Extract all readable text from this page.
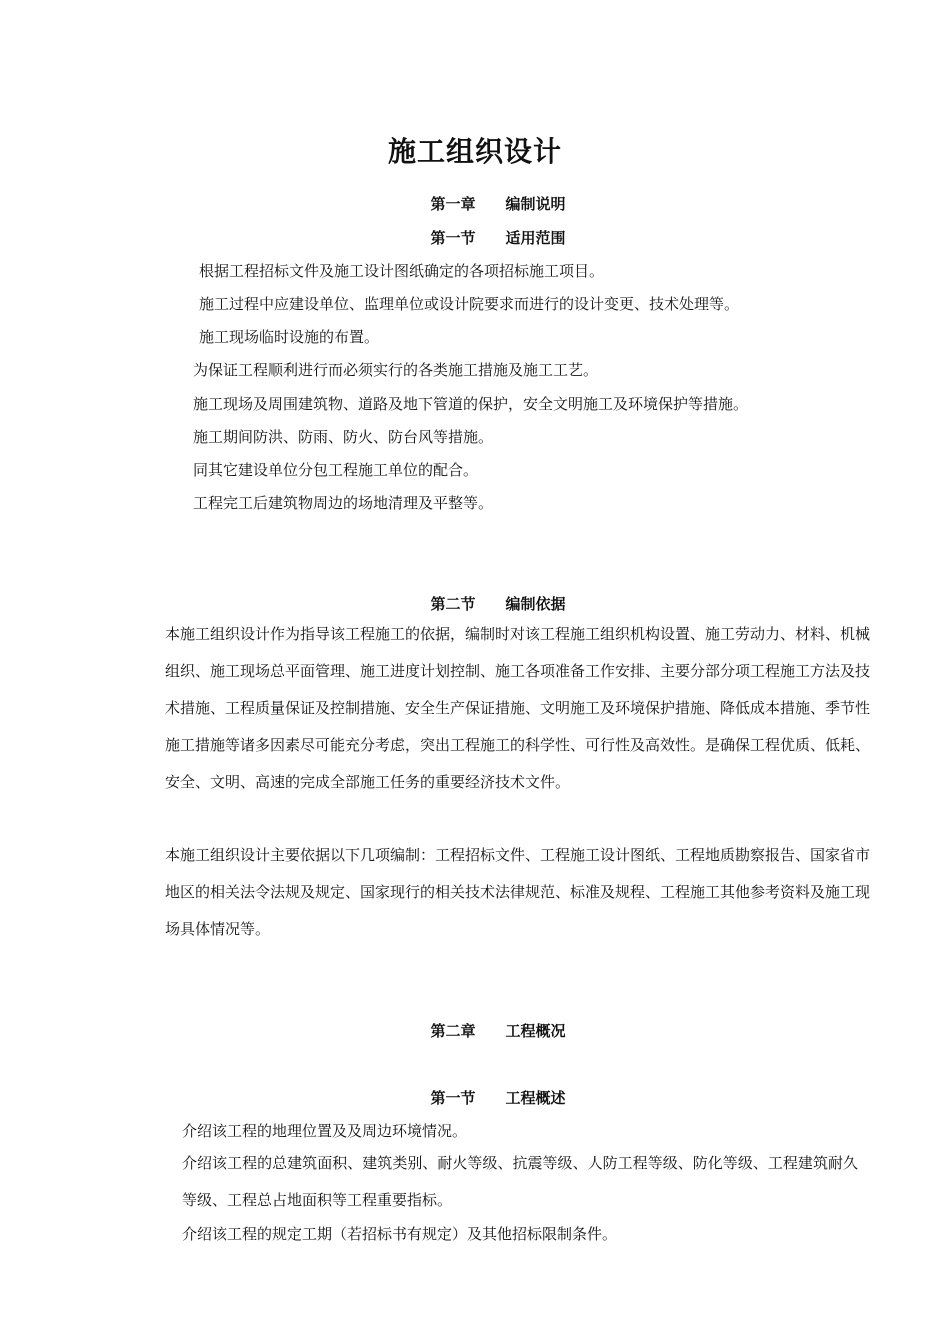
施工组织设计
第一章　　编制说明
第一节　　适用范围
根据工程招标文件及施工设计图纸确定的各项招标施工项目。
施工过程中应建设单位、监理单位或设计院要求而进行的设计变更、技术处理等。
施工现场临时设施的布置。
为保证工程顺利进行而必须实行的各类施工措施及施工工艺。
施工现场及周围建筑物、道路及地下管道的保护，安全文明施工及环境保护等措施。
施工期间防洪、防雨、防火、防台风等措施。
同其它建设单位分包工程施工单位的配合。
工程完工后建筑物周边的场地清理及平整等。
第二节　　编制依据
本施工组织设计作为指导该工程施工的依据，编制时对该工程施工组织机构设置、施工劳动力、材料、机械组织、施工现场总平面管理、施工进度计划控制、施工各项准备工作安排、主要分部分项工程施工方法及技术措施、工程质量保证及控制措施、安全生产保证措施、文明施工及环境保护措施、降低成本措施、季节性施工措施等诸多因素尽可能充分考虑，突出工程施工的科学性、可行性及高效性。是确保工程优质、低耗、安全、文明、高速的完成全部施工任务的重要经济技术文件。
本施工组织设计主要依据以下几项编制：工程招标文件、工程施工设计图纸、工程地质勘察报告、国家省市地区的相关法令法规及规定、国家现行的相关技术法律规范、标准及规程、工程施工其他参考资料及施工现场具体情况等。
第二章　　工程概况
第一节　　工程概述
介绍该工程的地理位置及及周边环境情况。
介绍该工程的总建筑面积、建筑类别、耐火等级、抗震等级、人防工程等级、防化等级、工程建筑耐久等级、工程总占地面积等工程重要指标。
介绍该工程的规定工期（若招标书有规定）及其他招标限制条件。
